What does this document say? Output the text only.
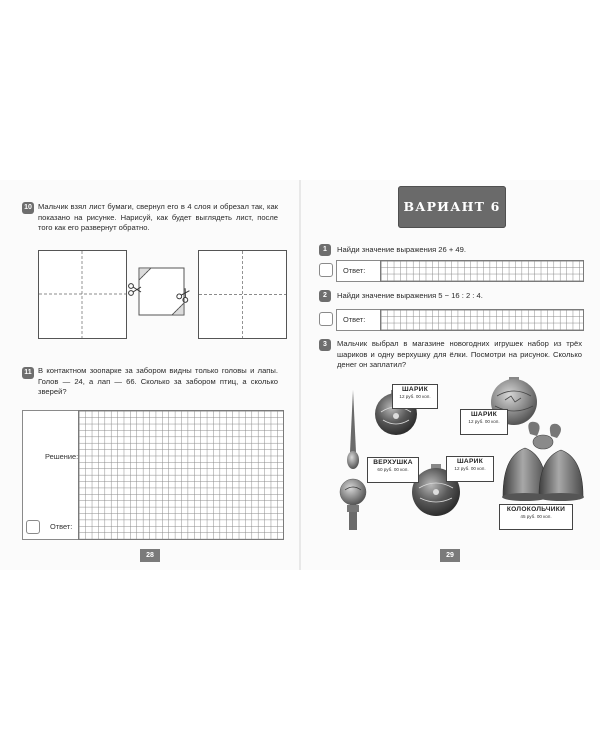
10 Мальчик взял лист бумаги, свернул его в 4 слоя и обрезал так, как показано на рисунке. Нарисуй, как будет выглядеть лист, после того как его развернут обратно.
11 В контактном зоопарке за забором видны только головы и лапы. Голов — 24, а лап — 66. Сколько за забором птиц, а сколько зверей?
Решение:
Ответ:
28
ВАРИАНТ 6
1	Найди значение выражения 26 + 49.
Ответ:
2	Найди значение выражения 5 − 16 : 2 : 4.
Ответ:
3	Мальчик выбрал в магазине новогодних игрушек набор из трёх шариков и одну верхушку для ёлки. Посмотри на рисунок. Сколько денег он заплатил?
ШАРИК
12 руб. 00 коп.
ШАРИК
12 руб. 00 коп.
ВЕРХУШКА
60 руб. 00 коп.
ШАРИК
12 руб. 00 коп.
КОЛОКОЛЬЧИКИ
45 руб. 00 коп.
29
